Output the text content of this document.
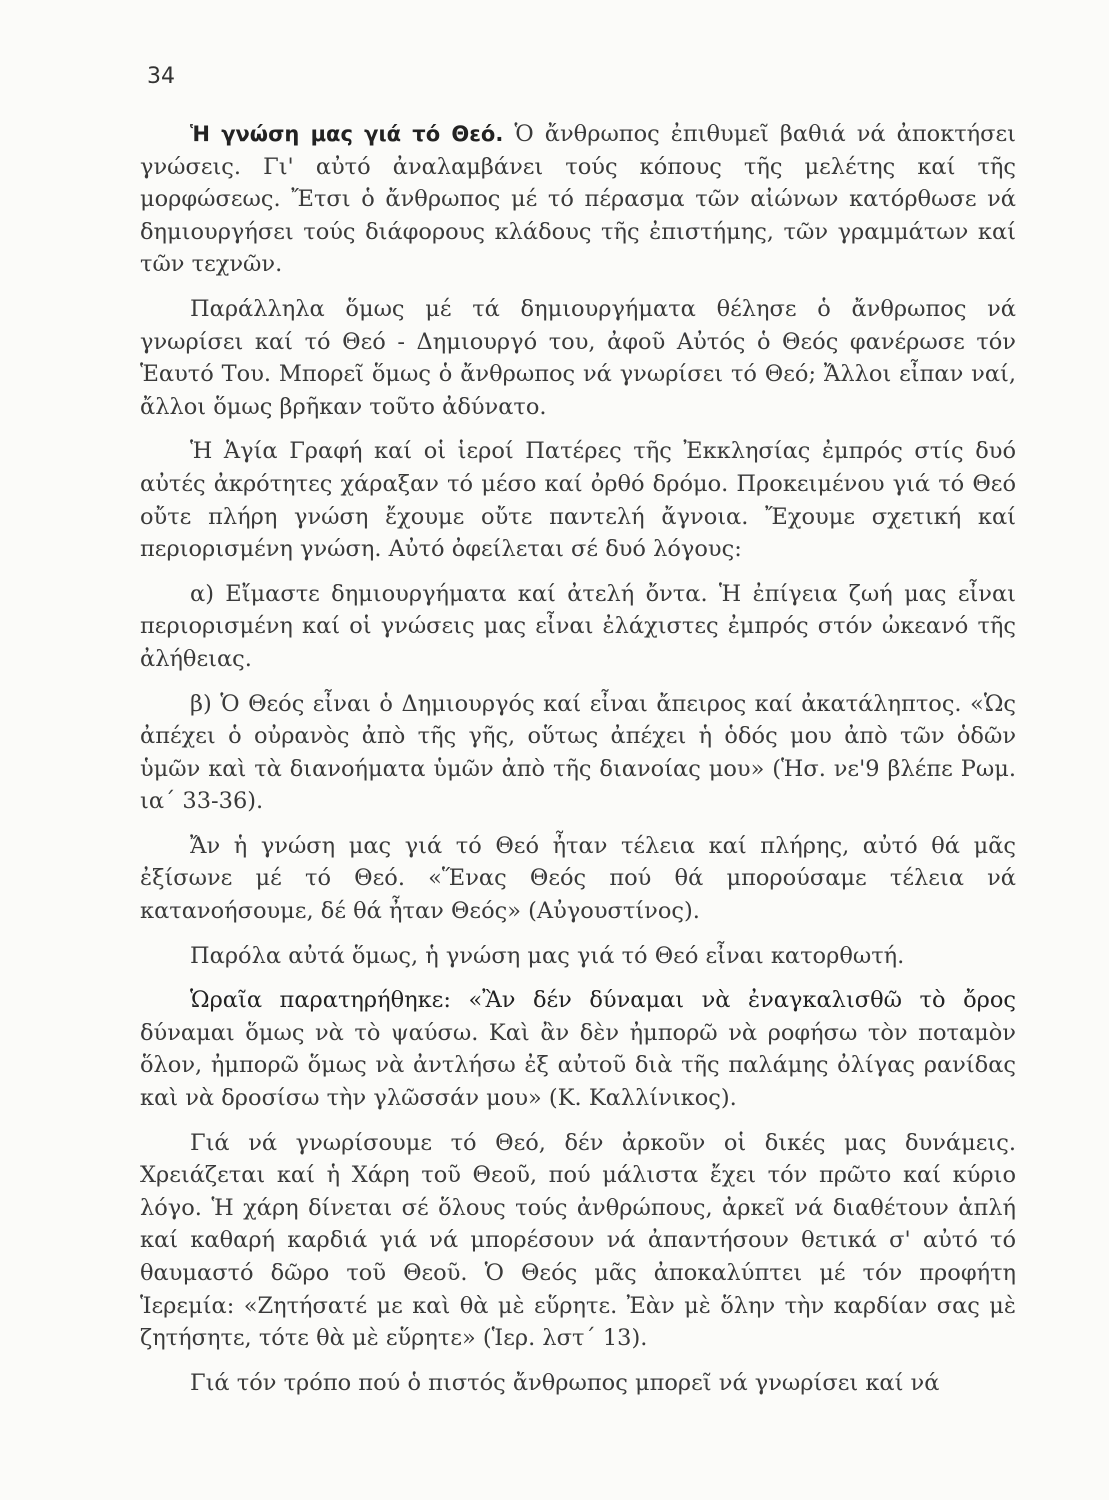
34

Ἡ γνώση μας γιά τό Θεό. Ὁ ἄνθρωπος ἐπιθυμεῖ βαθιά νά ἀποκτήσει γνώσεις. Γι' αὐτό ἀναλαμβάνει τούς κόπους τῆς μελέτης καί τῆς μορφώσεως. Ἔτσι ὁ ἄνθρωπος μέ τό πέρασμα τῶν αἰώνων κατόρθωσε νά δημιουργήσει τούς διάφορους κλάδους τῆς ἐπιστήμης, τῶν γραμμάτων καί τῶν τεχνῶν.

Παράλληλα ὅμως μέ τά δημιουργήματα θέλησε ὁ ἄνθρωπος νά γνωρίσει καί τό Θεό - Δημιουργό του, ἀφοῦ Αὐτός ὁ Θεός φανέρωσε τόν Ἑαυτό Του. Μπορεῖ ὅμως ὁ ἄνθρωπος νά γνωρίσει τό Θεό; Ἄλλοι εἶπαν ναί, ἄλλοι ὅμως βρῆκαν τοῦτο ἀδύνατο.

Ἡ Ἁγία Γραφή καί οἱ ἱεροί Πατέρες τῆς Ἐκκλησίας ἐμπρός στίς δυό αὐτές ἀκρότητες χάραξαν τό μέσο καί ὀρθό δρόμο. Προκειμένου γιά τό Θεό οὔτε πλήρη γνώση ἔχουμε οὔτε παντελή ἄγνοια. Ἔχουμε σχετική καί περιορισμένη γνώση. Αὐτό ὀφείλεται σέ δυό λόγους:

α) Εἴμαστε δημιουργήματα καί ἀτελή ὄντα. Ἡ ἐπίγεια ζωή μας εἶναι περιορισμένη καί οἱ γνώσεις μας εἶναι ἐλάχιστες ἐμπρός στόν ὠκεανό τῆς ἀλήθειας.

β) Ὁ Θεός εἶναι ὁ Δημιουργός καί εἶναι ἄπειρος καί ἀκατάληπτος. «Ὡς ἀπέχει ὁ οὐρανὸς ἀπὸ τῆς γῆς, οὕτως ἀπέχει ἡ ὁδός μου ἀπὸ τῶν ὁδῶν ὑμῶν καὶ τὰ διανοήματα ὑμῶν ἀπὸ τῆς διανοίας μου» (Ἡσ. νε'9 βλέπε Ρωμ. ια΄ 33-36).

Ἄν ἡ γνώση μας γιά τό Θεό ἦταν τέλεια καί πλήρης, αὐτό θά μᾶς ἐξίσωνε μέ τό Θεό. «Ἕνας Θεός πού θά μπορούσαμε τέλεια νά κατανοήσουμε, δέ θά ἦταν Θεός» (Αὐγουστίνος).

Παρόλα αὐτά ὅμως, ἡ γνώση μας γιά τό Θεό εἶναι κατορθωτή.

Ὡραῖα παρατηρήθηκε: «Ἂν δέν δύναμαι νὰ ἐναγκαλισθῶ τὸ ὄρος δύναμαι ὅμως νὰ τὸ ψαύσω. Καὶ ἂν δὲν ἠμπορῶ νὰ ροφήσω τὸν ποταμὸν ὅλον, ἠμπορῶ ὅμως νὰ ἀντλήσω ἐξ αὐτοῦ διὰ τῆς παλάμης ὀλίγας ρανίδας καὶ νὰ δροσίσω τὴν γλῶσσάν μου» (Κ. Καλλίνικος).

Γιά νά γνωρίσουμε τό Θεό, δέν ἀρκοῦν οἱ δικές μας δυνάμεις. Χρειάζεται καί ἡ Χάρη τοῦ Θεοῦ, πού μάλιστα ἔχει τόν πρῶτο καί κύριο λόγο. Ἡ χάρη δίνεται σέ ὅλους τούς ἀνθρώπους, ἀρκεῖ νά διαθέτουν ἁπλή καί καθαρή καρδιά γιά νά μπορέσουν νά ἀπαντήσουν θετικά σ' αὐτό τό θαυμαστό δῶρο τοῦ Θεοῦ. Ὁ Θεός μᾶς ἀποκαλύπτει μέ τόν προφήτη Ἱερεμία: «Ζητήσατέ με καὶ θὰ μὲ εὕρητε. Ἐὰν μὲ ὅλην τὴν καρδίαν σας μὲ ζητήσητε, τότε θὰ μὲ εὕρητε» (Ἱερ. λστ΄ 13).

Γιά τόν τρόπο πού ὁ πιστός ἄνθρωπος μπορεῖ νά γνωρίσει καί νά
